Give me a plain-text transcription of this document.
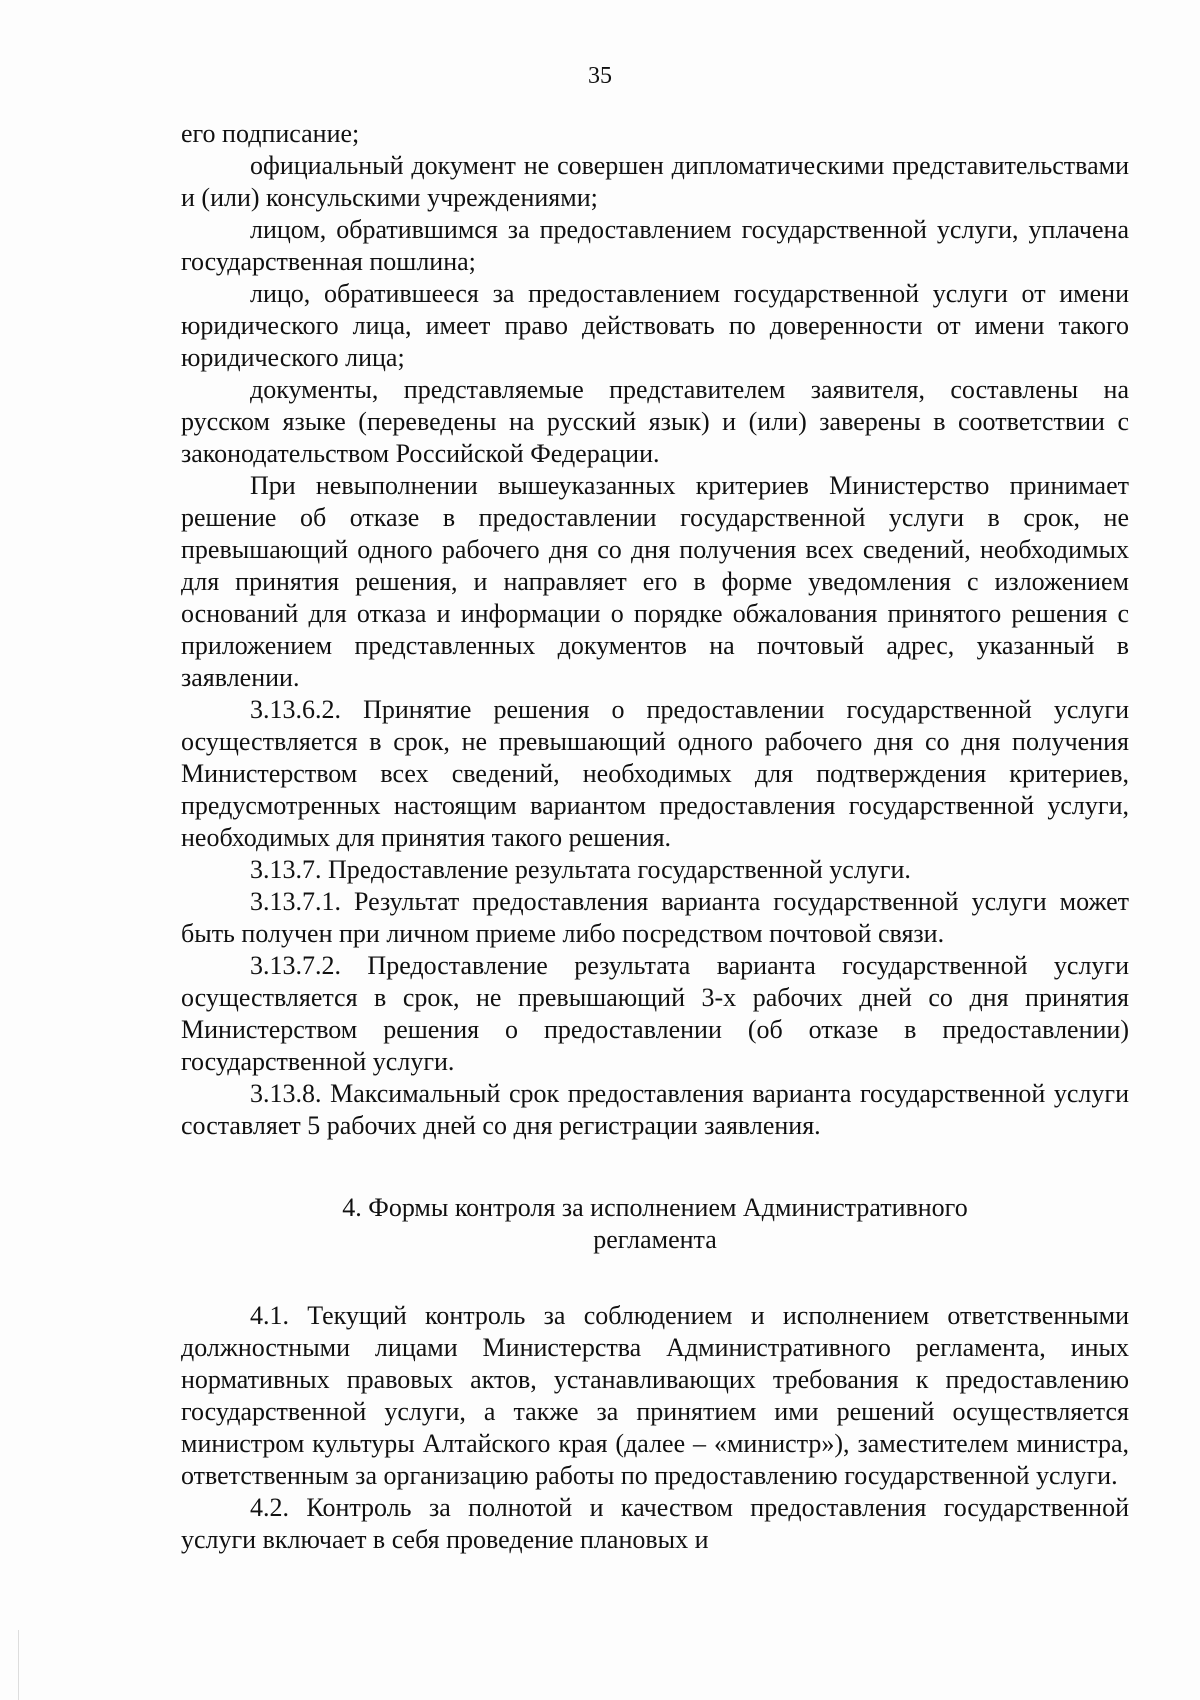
35

его подписание;

официальный документ не совершен дипломатическими представительствами и (или) консульскими учреждениями;

лицом, обратившимся за предоставлением государственной услуги, уплачена государственная пошлина;

лицо, обратившееся за предоставлением государственной услуги от имени юридического лица, имеет право действовать по доверенности от имени такого юридического лица;

документы, представляемые представителем заявителя, составлены на русском языке (переведены на русский язык) и (или) заверены в соответствии с законодательством Российской Федерации.

При невыполнении вышеуказанных критериев Министерство принимает решение об отказе в предоставлении государственной услуги в срок, не превышающий одного рабочего дня со дня получения всех сведений, необходимых для принятия решения, и направляет его в форме уведомления с изложением оснований для отказа и информации о порядке обжалования принятого решения с приложением представленных документов на почтовый адрес, указанный в заявлении.

3.13.6.2. Принятие решения о предоставлении государственной услуги осуществляется в срок, не превышающий одного рабочего дня со дня получения Министерством всех сведений, необходимых для подтверждения критериев, предусмотренных настоящим вариантом предоставления государственной услуги, необходимых для принятия такого решения.

3.13.7. Предоставление результата государственной услуги.

3.13.7.1. Результат предоставления варианта государственной услуги может быть получен при личном приеме либо посредством почтовой связи.

3.13.7.2. Предоставление результата варианта государственной услуги осуществляется в срок, не превышающий 3-х рабочих дней со дня принятия Министерством решения о предоставлении (об отказе в предоставлении) государственной услуги.

3.13.8. Максимальный срок предоставления варианта государственной услуги составляет 5 рабочих дней со дня регистрации заявления.

4. Формы контроля за исполнением Административного
регламента

4.1. Текущий контроль за соблюдением и исполнением ответственными должностными лицами Министерства Административного регламента, иных нормативных правовых актов, устанавливающих требования к предоставлению государственной услуги, а также за принятием ими решений осуществляется министром культуры Алтайского края (далее – «министр»), заместителем министра, ответственным за организацию работы по предоставлению государственной услуги.

4.2. Контроль за полнотой и качеством предоставления государственной услуги включает в себя проведение плановых и
